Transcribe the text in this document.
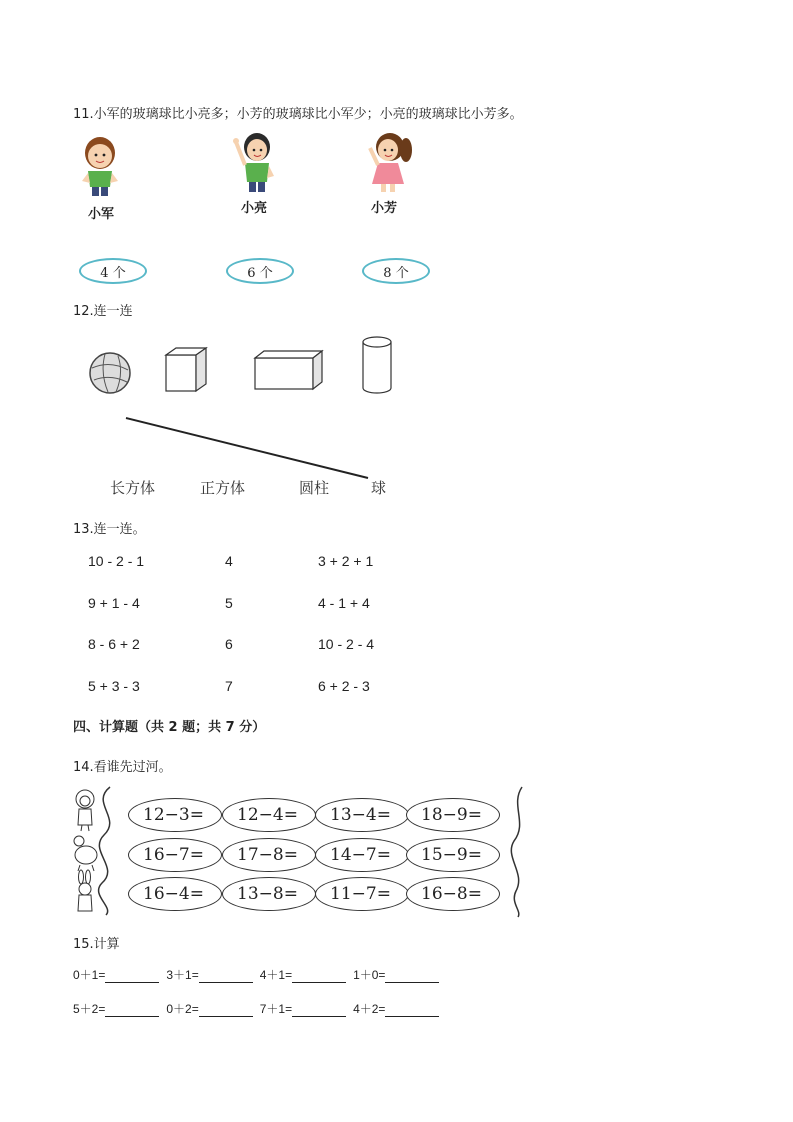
11.小军的玻璃球比小亮多；小芳的玻璃球比小军少；小亮的玻璃球比小芳多。
小军	小亮	小芳
4 个	6 个	8 个
12.连一连
长方体	正方体	圆柱	球
13.连一连。
10 - 2 - 1	4	3 + 2 + 1
9 + 1 - 4	5	4 - 1 + 4
8 - 6 + 2	6	10 - 2 - 4
5 + 3 - 3	7	6 + 2 - 3
四、计算题（共 2 题；共 7 分）
14.看谁先过河。
12−3=	12−4=	13−4=	18−9=
16−7=	17−8=	14−7=	15−9=
16−4=	13−8=	11−7=	16−8=
15.计算
0＋1=	3＋1=	4＋1=	1＋0=
5＋2=	0＋2=	7＋1=	4＋2=
